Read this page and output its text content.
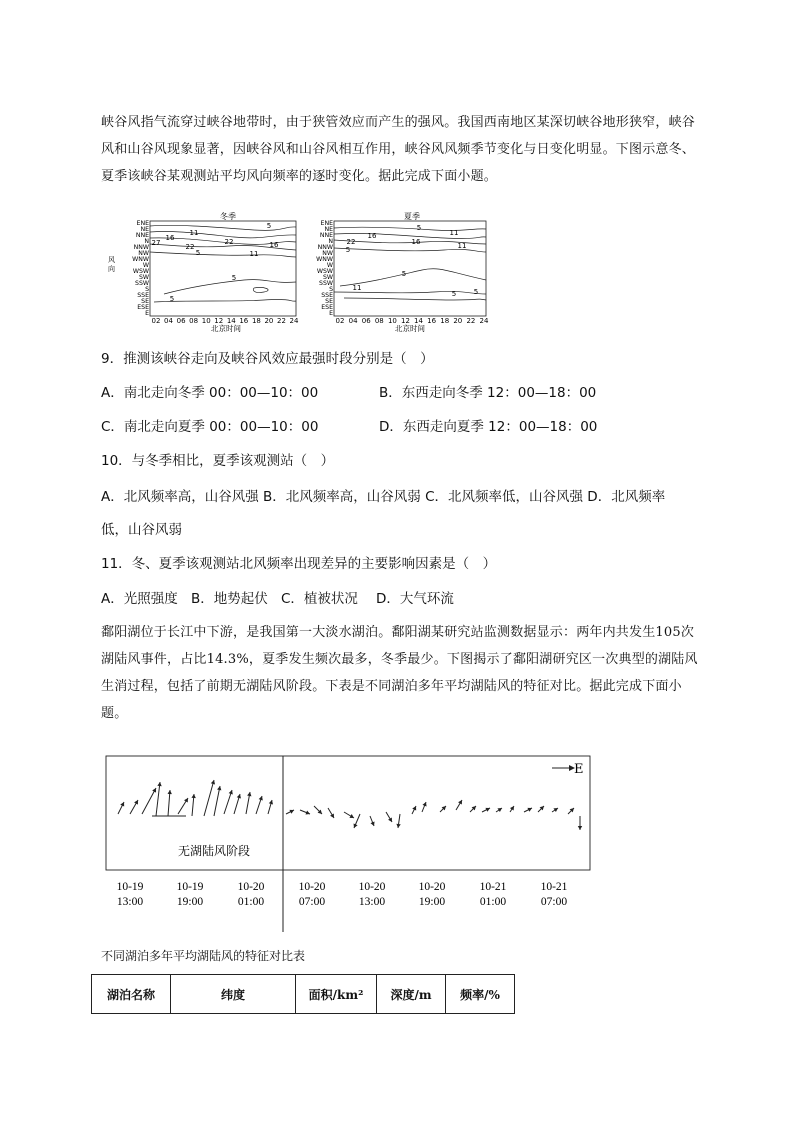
峡谷风指气流穿过峡谷地带时，由于狭管效应而产生的强风。我国西南地区某深切峡谷地形狭窄，峡谷风和山谷风现象显著，因峡谷风和山谷风相互作用，峡谷风风频季节变化与日变化明显。下图示意冬、夏季该峡谷某观测站平均风向频率的逐时变化。据此完成下面小题。
冬季	夏季
风
向
5
11
16
27	22
22
5
16
11
5
5
5
11
16
22	16
5	11
5
11	5
5
ENE
NE
NNE
N
NNW
NW
WNW
W
WSW
SW
SSW
S
SSE
SE
ESE
E
ENE
NE
NNE
N
NNW
NW
WNW
W
WSW
SW
SSW
S
SSE
SE
ESE
E
02 04 06 08 10 12 14 16 18 20 22 24	02 04 06 08 10 12 14 16 18 20 22 24
北京时间	北京时间
9．推测该峡谷走向及峡谷风效应最强时段分别是（　）
A．南北走向冬季 00：00—10：00	B．东西走向冬季 12：00—18：00
C．南北走向夏季 00：00—10：00	D．东西走向夏季 12：00—18：00
10．与冬季相比，夏季该观测站（　）
A．北风频率高，山谷风强 B．北风频率高，山谷风弱 C．北风频率低，山谷风强 D．北风频率
低，山谷风弱
11．冬、夏季该观测站北风频率出现差异的主要影响因素是（　）
A．光照强度 B．地势起伏 C．植被状况 D．大气环流
鄱阳湖位于长江中下游，是我国第一大淡水湖泊。鄱阳湖某研究站监测数据显示：两年内共发生105次湖陆风事件，占比14.3%，夏季发生频次最多，冬季最少。下图揭示了鄱阳湖研究区一次典型的湖陆风生消过程，包括了前期无湖陆风阶段。下表是不同湖泊多年平均湖陆风的特征对比。据此完成下面小题。
E
无湖陆风阶段
10-19
13:00
10-19
19:00
10-20
01:00
10-20
07:00
10-20
13:00
10-20
19:00
10-21
01:00
10-21
07:00
不同湖泊多年平均湖陆风的特征对比表
湖泊名称	纬度	面积/km²	深度/m	频率/%
